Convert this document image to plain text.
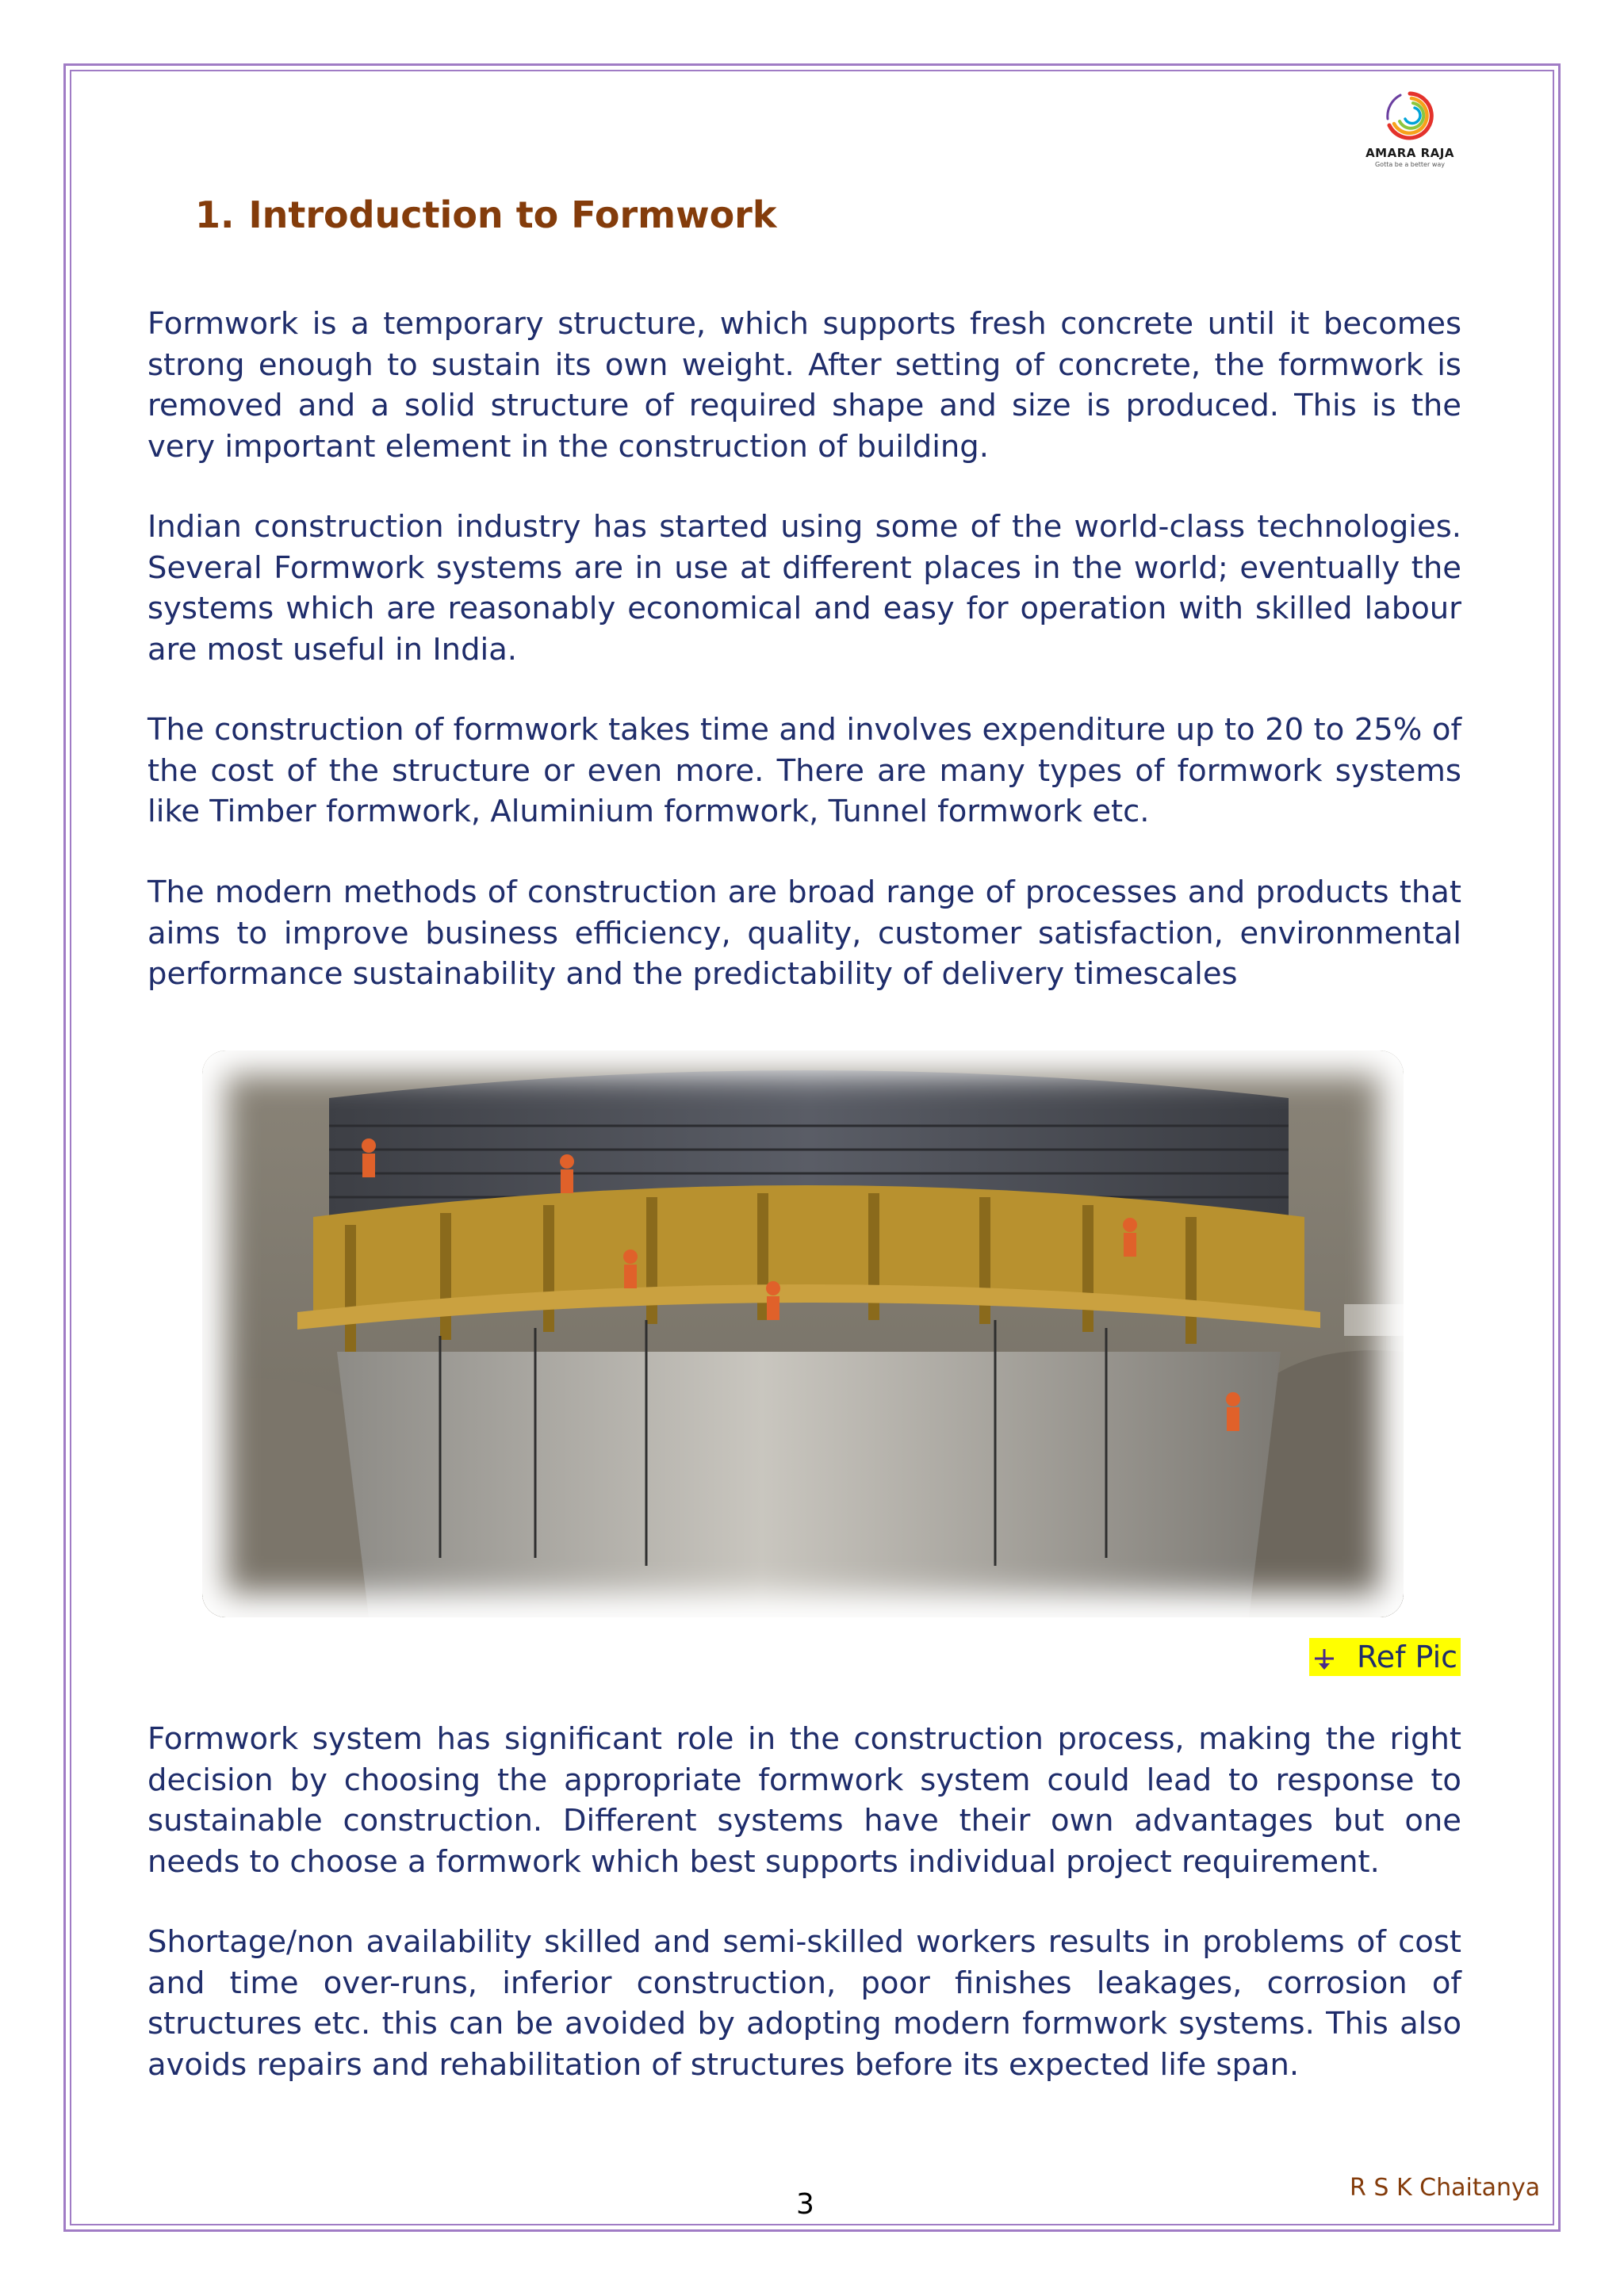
AMARA RAJA
Gotta be a better way
1. Introduction to Formwork

Formwork is a temporary structure, which supports fresh concrete until it becomes strong enough to sustain its own weight. After setting of concrete, the formwork is removed and a solid structure of required shape and size is produced. This is the very important element in the construction of building.

Indian construction industry has started using some of the world-class technologies. Several Formwork systems are in use at different places in the world; eventually the systems which are reasonably economical and easy for operation with skilled labour are most useful in India.

The construction of formwork takes time and involves expenditure up to 20 to 25% of the cost of the structure or even more. There are many types of formwork systems like Timber formwork, Aluminium formwork, Tunnel formwork etc.

The modern methods of construction are broad range of processes and products that aims to improve business efficiency, quality, customer satisfaction, environmental performance sustainability and the predictability of delivery timescales

Ref Pic

Formwork system has significant role in the construction process, making the right decision by choosing the appropriate formwork system could lead to response to sustainable construction. Different systems have their own advantages but one needs to choose a formwork which best supports individual project requirement.

Shortage/non availability skilled and semi-skilled workers results in problems of cost and time over-runs, inferior construction, poor finishes leakages, corrosion of structures etc. this can be avoided by adopting modern formwork systems. This also avoids repairs and rehabilitation of structures before its expected life span.

3
R S K Chaitanya
